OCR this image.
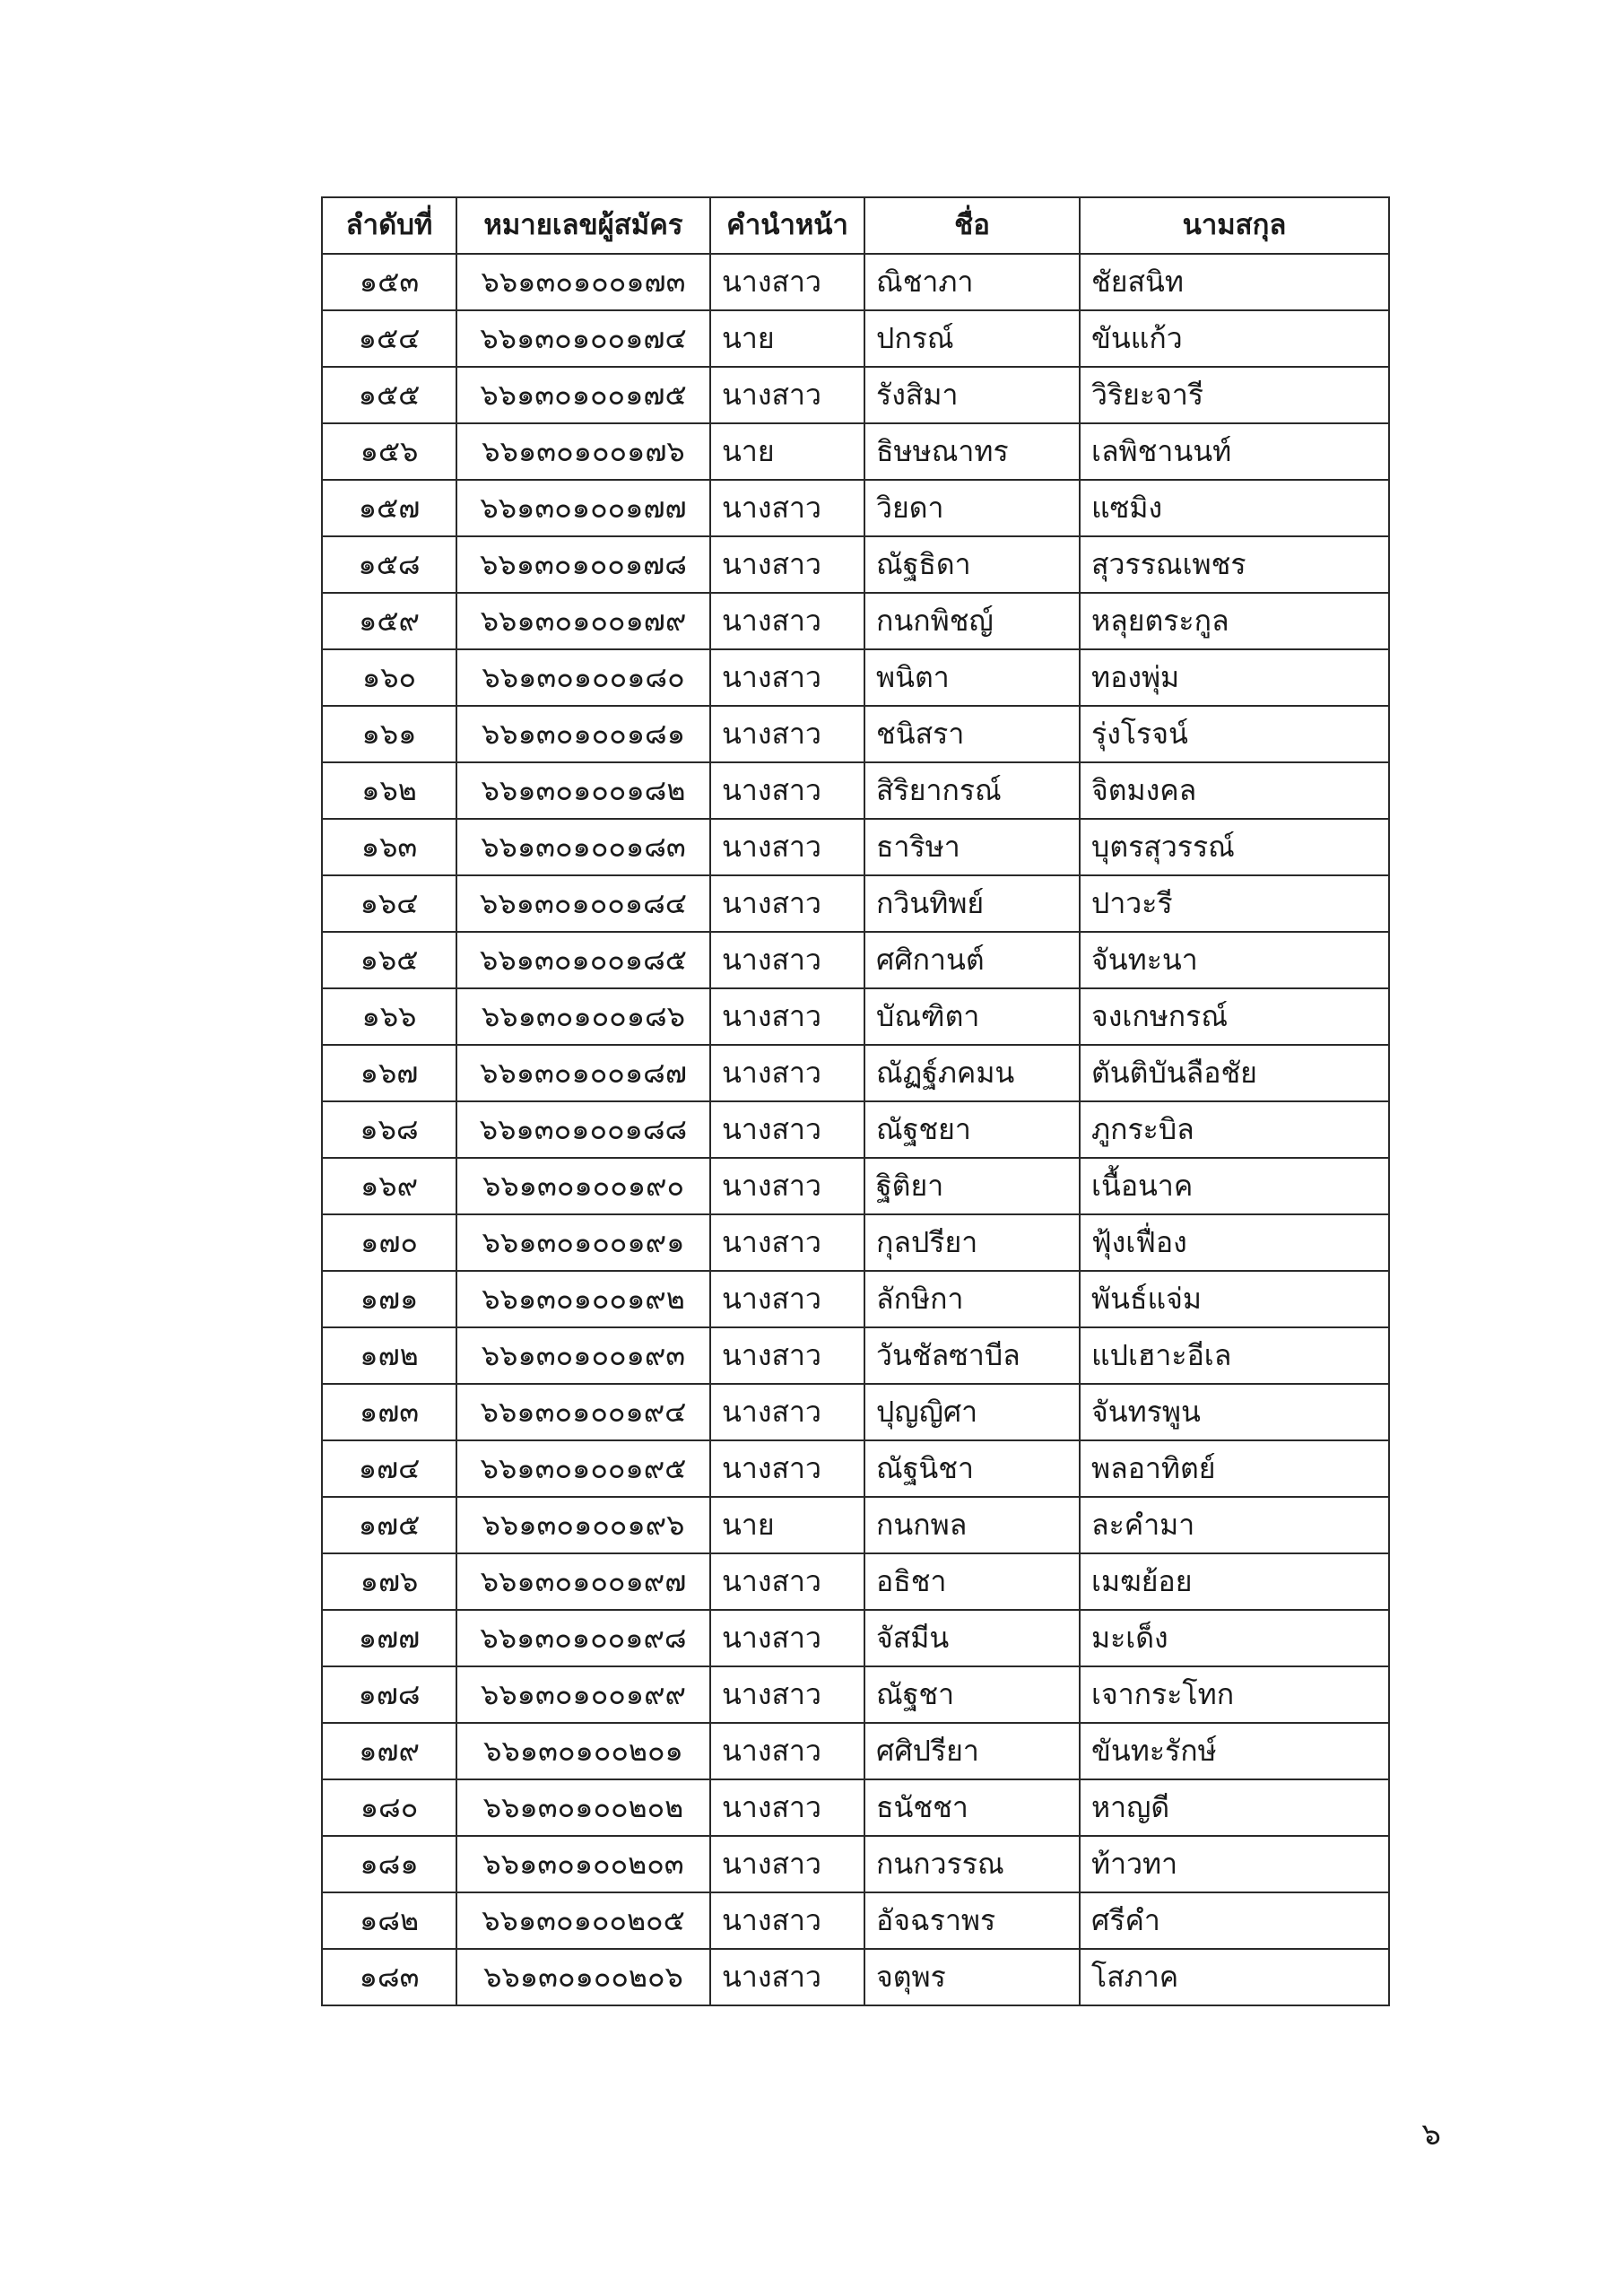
ลำดับที่	หมายเลขผู้สมัคร	คำนำหน้า	ชื่อ	นามสกุล
๑๕๓	๖๖๑๓๐๑๐๐๑๗๓	นางสาว	ณิชาภา	ชัยสนิท
๑๕๔	๖๖๑๓๐๑๐๐๑๗๔	นาย	ปกรณ์	ขันแก้ว
๑๕๕	๖๖๑๓๐๑๐๐๑๗๕	นางสาว	รังสิมา	วิริยะจารี
๑๕๖	๖๖๑๓๐๑๐๐๑๗๖	นาย	ธิษษณาทร	เลพิชานนท์
๑๕๗	๖๖๑๓๐๑๐๐๑๗๗	นางสาว	วิยดา	แซมิง
๑๕๘	๖๖๑๓๐๑๐๐๑๗๘	นางสาว	ณัฐธิดา	สุวรรณเพชร
๑๕๙	๖๖๑๓๐๑๐๐๑๗๙	นางสาว	กนกพิชญ์	หลุยตระกูล
๑๖๐	๖๖๑๓๐๑๐๐๑๘๐	นางสาว	พนิตา	ทองพุ่ม
๑๖๑	๖๖๑๓๐๑๐๐๑๘๑	นางสาว	ชนิสรา	รุ่งโรจน์
๑๖๒	๖๖๑๓๐๑๐๐๑๘๒	นางสาว	สิริยากรณ์	จิตมงคล
๑๖๓	๖๖๑๓๐๑๐๐๑๘๓	นางสาว	ธาริษา	บุตรสุวรรณ์
๑๖๔	๖๖๑๓๐๑๐๐๑๘๔	นางสาว	กวินทิพย์	ปาวะรี
๑๖๕	๖๖๑๓๐๑๐๐๑๘๕	นางสาว	ศศิกานต์	จันทะนา
๑๖๖	๖๖๑๓๐๑๐๐๑๘๖	นางสาว	บัณฑิตา	จงเกษกรณ์
๑๖๗	๖๖๑๓๐๑๐๐๑๘๗	นางสาว	ณัฏฐ์ภคมน	ตันติบันลือชัย
๑๖๘	๖๖๑๓๐๑๐๐๑๘๘	นางสาว	ณัฐชยา	ภูกระบิล
๑๖๙	๖๖๑๓๐๑๐๐๑๙๐	นางสาว	ฐิติยา	เนื้อนาค
๑๗๐	๖๖๑๓๐๑๐๐๑๙๑	นางสาว	กุลปรียา	ฟุ้งเฟื่อง
๑๗๑	๖๖๑๓๐๑๐๐๑๙๒	นางสาว	ลักษิกา	พันธ์แจ่ม
๑๗๒	๖๖๑๓๐๑๐๐๑๙๓	นางสาว	วันชัลซาบีล	แปเฮาะอีเล
๑๗๓	๖๖๑๓๐๑๐๐๑๙๔	นางสาว	ปุญญิศา	จันทรพูน
๑๗๔	๖๖๑๓๐๑๐๐๑๙๕	นางสาว	ณัฐนิชา	พลอาทิตย์
๑๗๕	๖๖๑๓๐๑๐๐๑๙๖	นาย	กนกพล	ละคำมา
๑๗๖	๖๖๑๓๐๑๐๐๑๙๗	นางสาว	อธิชา	เมฆย้อย
๑๗๗	๖๖๑๓๐๑๐๐๑๙๘	นางสาว	จัสมีน	มะเด็ง
๑๗๘	๖๖๑๓๐๑๐๐๑๙๙	นางสาว	ณัฐชา	เจากระโทก
๑๗๙	๖๖๑๓๐๑๐๐๒๐๑	นางสาว	ศศิปรียา	ขันทะรักษ์
๑๘๐	๖๖๑๓๐๑๐๐๒๐๒	นางสาว	ธนัชชา	หาญดี
๑๘๑	๖๖๑๓๐๑๐๐๒๐๓	นางสาว	กนกวรรณ	ท้าวทา
๑๘๒	๖๖๑๓๐๑๐๐๒๐๕	นางสาว	อัจฉราพร	ศรีคำ
๑๘๓	๖๖๑๓๐๑๐๐๒๐๖	นางสาว	จตุพร	โสภาค
๖
